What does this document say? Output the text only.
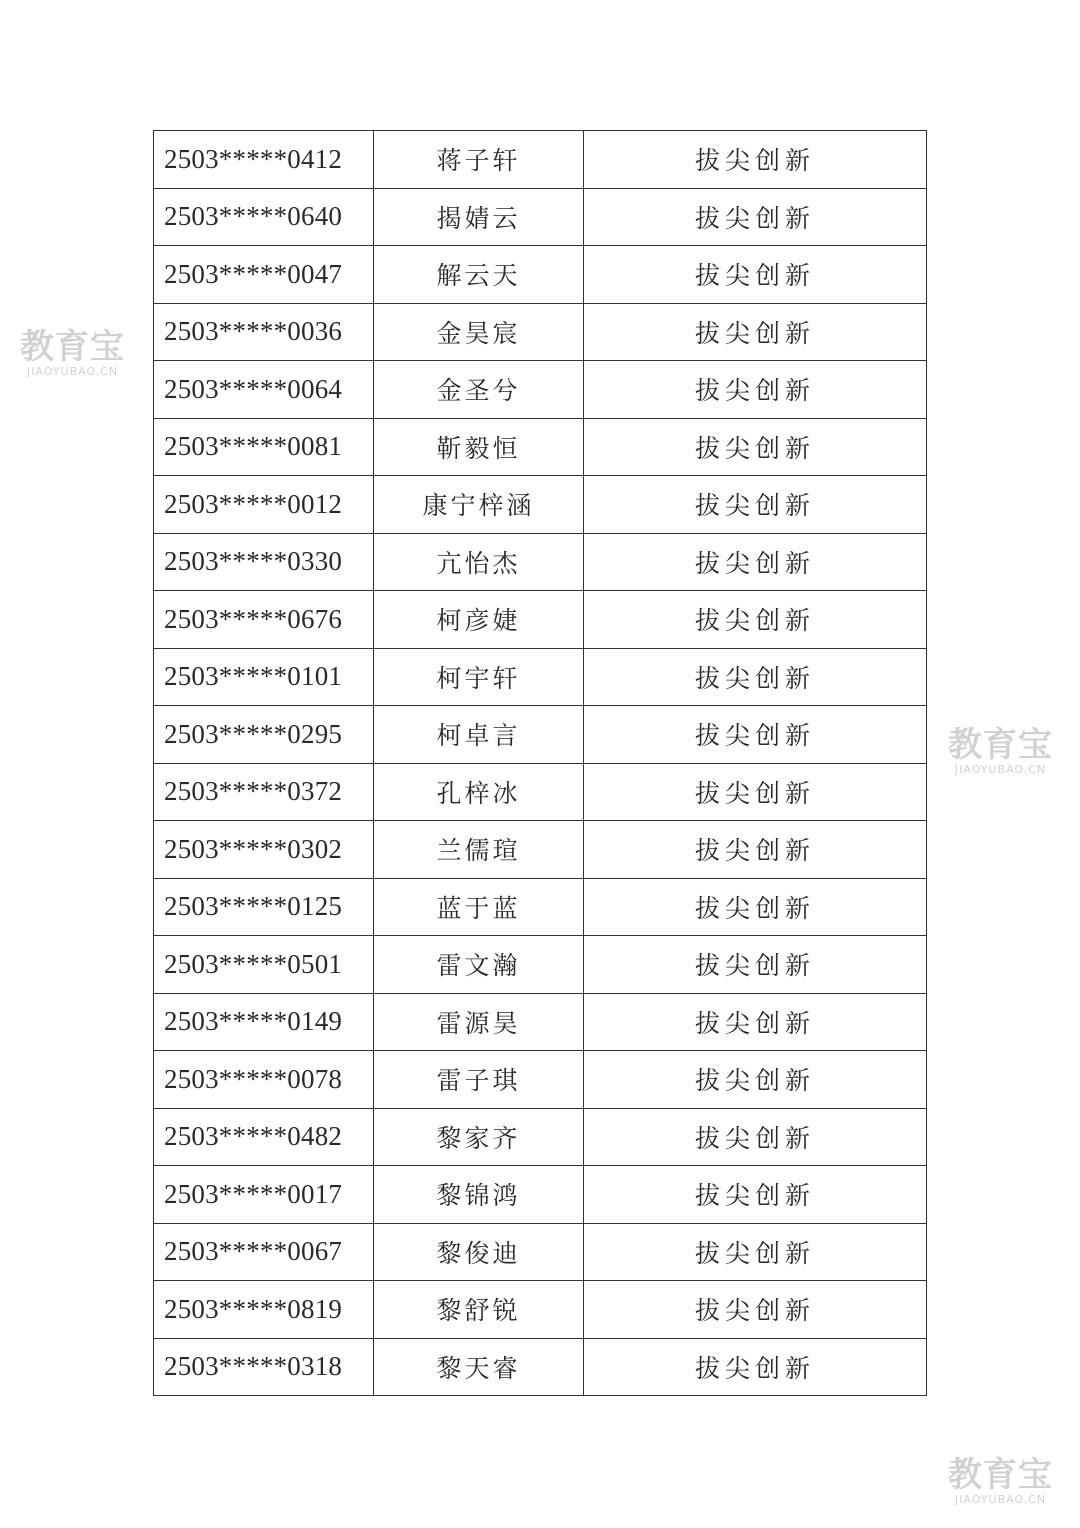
教育宝
JIAOYUBAO.CN
教育宝
JIAOYUBAO.CN
教育宝
JIAOYUBAO.CN
2503*****0412	蒋子轩	拔尖创新
2503*****0640	揭婧云	拔尖创新
2503*****0047	解云天	拔尖创新
2503*****0036	金昊宸	拔尖创新
2503*****0064	金圣兮	拔尖创新
2503*****0081	靳毅恒	拔尖创新
2503*****0012	康宁梓涵	拔尖创新
2503*****0330	亢怡杰	拔尖创新
2503*****0676	柯彦婕	拔尖创新
2503*****0101	柯宇轩	拔尖创新
2503*****0295	柯卓言	拔尖创新
2503*****0372	孔梓冰	拔尖创新
2503*****0302	兰儒瑄	拔尖创新
2503*****0125	蓝于蓝	拔尖创新
2503*****0501	雷文瀚	拔尖创新
2503*****0149	雷源昊	拔尖创新
2503*****0078	雷子琪	拔尖创新
2503*****0482	黎家齐	拔尖创新
2503*****0017	黎锦鸿	拔尖创新
2503*****0067	黎俊迪	拔尖创新
2503*****0819	黎舒锐	拔尖创新
2503*****0318	黎天睿	拔尖创新
